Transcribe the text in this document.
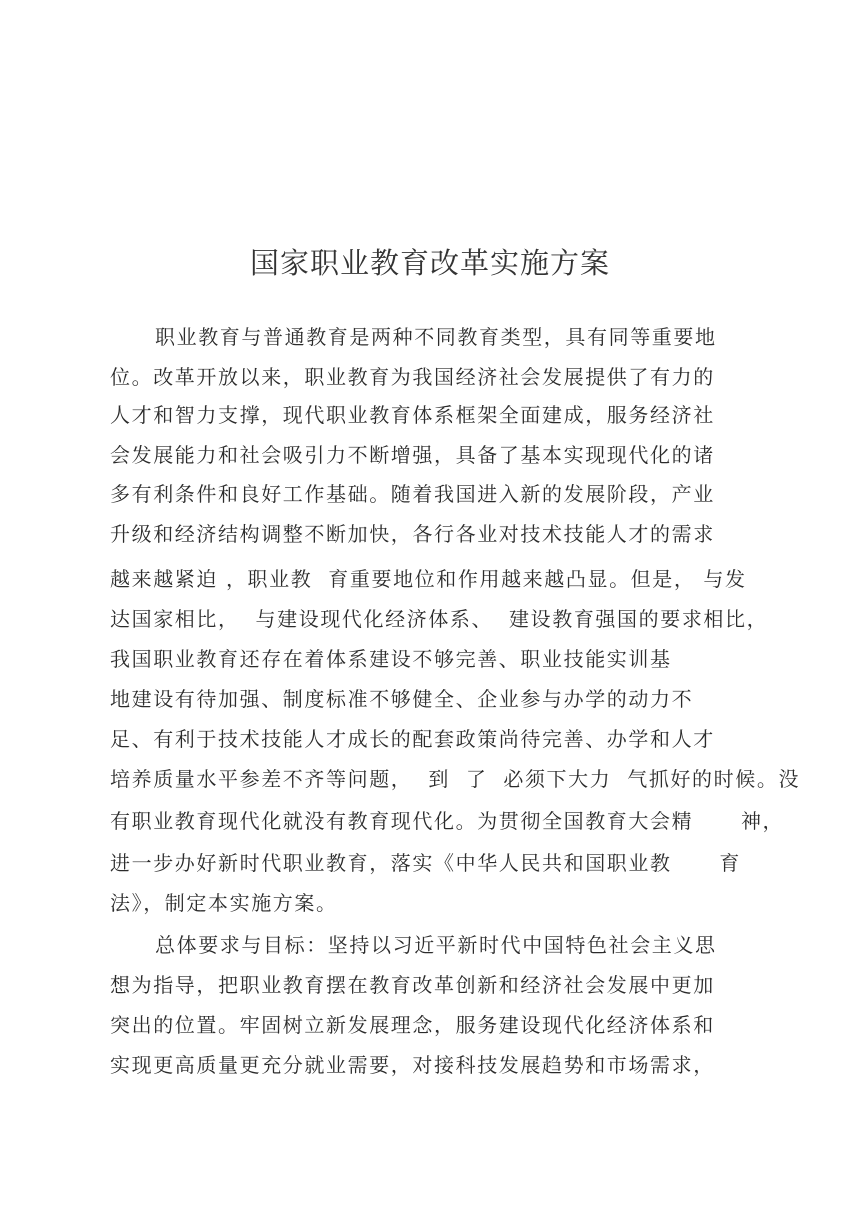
国家职业教育改革实施方案
职业教育与普通教育是两种不同教育类型，具有同等重要地
位。改革开放以来，职业教育为我国经济社会发展提供了有力的
人才和智力支撑，现代职业教育体系框架全面建成，服务经济社
会发展能力和社会吸引力不断增强，具备了基本实现现代化的诸
多有利条件和良好工作基础。随着我国进入新的发展阶段，产业
升级和经济结构调整不断加快，各行各业对技术技能人才的需求
越来越紧迫 ，职业教  育重要地位和作用越来越凸显。但是， 与发
达国家相比，  与建设现代化经济体系、  建设教育强国的要求相比，
我国职业教育还存在着体系建设不够完善、职业技能实训基
地建设有待加强、制度标准不够健全、企业参与办学的动力不
足、有利于技术技能人才成长的配套政策尚待完善、办学和人才
培养质量水平参差不齐等问题，  到  了  必须下大力  气抓好的时候。没
有职业教育现代化就没有教育现代化。为贯彻全国教育大会精      神，
进一步办好新时代职业教育，落实《中华人民共和国职业教      育
法》，制定本实施方案。
总体要求与目标：坚持以习近平新时代中国特色社会主义思
想为指导，把职业教育摆在教育改革创新和经济社会发展中更加
突出的位置。牢固树立新发展理念，服务建设现代化经济体系和
实现更高质量更充分就业需要，对接科技发展趋势和市场需求，
